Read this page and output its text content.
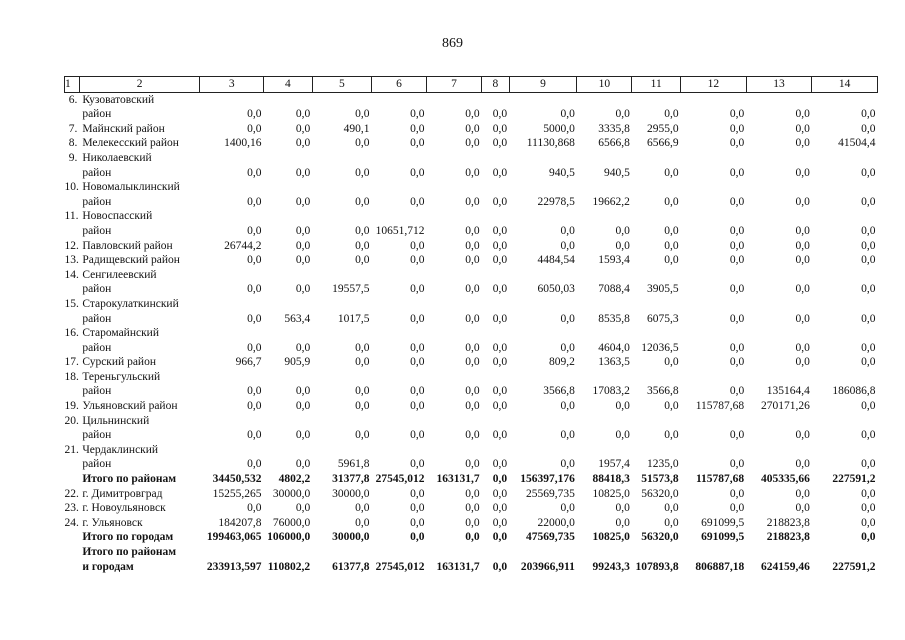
869
1	2	3	4	5	6	7	8	9	10	11	12	13	14
6.	Кузоватовский												
	район	0,0	0,0	0,0	0,0	0,0	0,0	0,0	0,0	0,0	0,0	0,0	0,0
7.	Майнский район	0,0	0,0	490,1	0,0	0,0	0,0	5000,0	3335,8	2955,0	0,0	0,0	0,0
8.	Мелекесский район	1400,16	0,0	0,0	0,0	0,0	0,0	11130,868	6566,8	6566,9	0,0	0,0	41504,4
9.	Николаевский												
	район	0,0	0,0	0,0	0,0	0,0	0,0	940,5	940,5	0,0	0,0	0,0	0,0
10.	Новомалыклинский												
	район	0,0	0,0	0,0	0,0	0,0	0,0	22978,5	19662,2	0,0	0,0	0,0	0,0
11.	Новоспасский												
	район	0,0	0,0	0,0	10651,712	0,0	0,0	0,0	0,0	0,0	0,0	0,0	0,0
12.	Павловский район	26744,2	0,0	0,0	0,0	0,0	0,0	0,0	0,0	0,0	0,0	0,0	0,0
13.	Радищевский район	0,0	0,0	0,0	0,0	0,0	0,0	4484,54	1593,4	0,0	0,0	0,0	0,0
14.	Сенгилеевский												
	район	0,0	0,0	19557,5	0,0	0,0	0,0	6050,03	7088,4	3905,5	0,0	0,0	0,0
15.	Старокулаткинский												
	район	0,0	563,4	1017,5	0,0	0,0	0,0	0,0	8535,8	6075,3	0,0	0,0	0,0
16.	Старомайнский												
	район	0,0	0,0	0,0	0,0	0,0	0,0	0,0	4604,0	12036,5	0,0	0,0	0,0
17.	Сурский район	966,7	905,9	0,0	0,0	0,0	0,0	809,2	1363,5	0,0	0,0	0,0	0,0
18.	Тереньгульский												
	район	0,0	0,0	0,0	0,0	0,0	0,0	3566,8	17083,2	3566,8	0,0	135164,4	186086,8
19.	Ульяновский район	0,0	0,0	0,0	0,0	0,0	0,0	0,0	0,0	0,0	115787,68	270171,26	0,0
20.	Цильнинский												
	район	0,0	0,0	0,0	0,0	0,0	0,0	0,0	0,0	0,0	0,0	0,0	0,0
21.	Чердаклинский												
	район	0,0	0,0	5961,8	0,0	0,0	0,0	0,0	1957,4	1235,0	0,0	0,0	0,0
	Итого по районам	34450,532	4802,2	31377,8	27545,012	163131,7	0,0	156397,176	88418,3	51573,8	115787,68	405335,66	227591,2
22.	г. Димитровград	15255,265	30000,0	30000,0	0,0	0,0	0,0	25569,735	10825,0	56320,0	0,0	0,0	0,0
23.	г. Новоульяновск	0,0	0,0	0,0	0,0	0,0	0,0	0,0	0,0	0,0	0,0	0,0	0,0
24.	г. Ульяновск	184207,8	76000,0	0,0	0,0	0,0	0,0	22000,0	0,0	0,0	691099,5	218823,8	0,0
	Итого по городам	199463,065	106000,0	30000,0	0,0	0,0	0,0	47569,735	10825,0	56320,0	691099,5	218823,8	0,0
	Итого по районам												
	и городам	233913,597	110802,2	61377,8	27545,012	163131,7	0,0	203966,911	99243,3	107893,8	806887,18	624159,46	227591,2
